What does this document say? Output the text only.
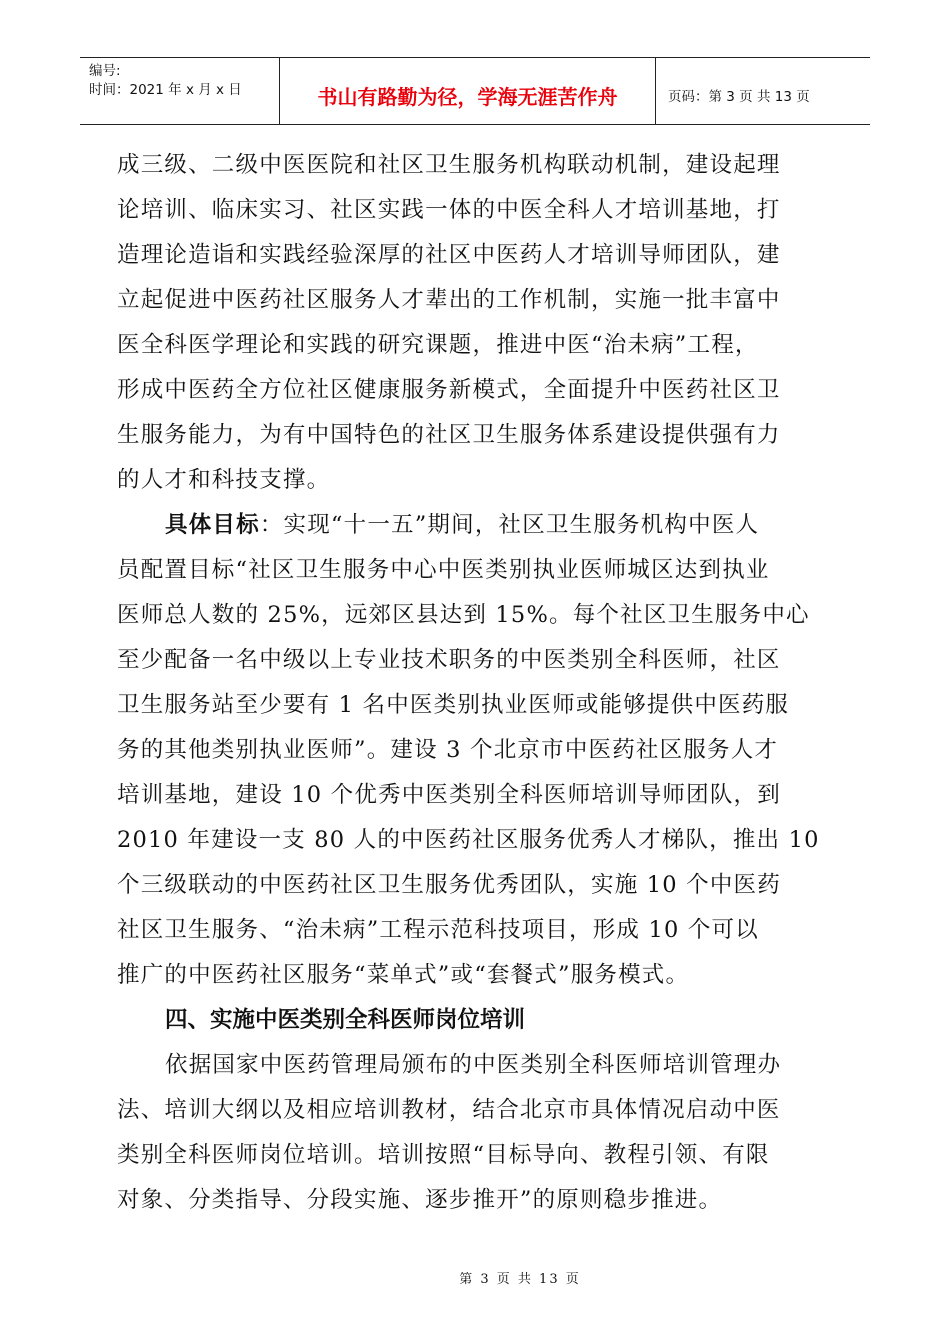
编号:
时间：2021 年 x 月 x 日	书山有路勤为径，学海无涯苦作舟	页码：第 3 页 共 13 页
成三级、二级中医医院和社区卫生服务机构联动机制，建设起理
论培训、临床实习、社区实践一体的中医全科人才培训基地，打
造理论造诣和实践经验深厚的社区中医药人才培训导师团队，建
立起促进中医药社区服务人才辈出的工作机制，实施一批丰富中
医全科医学理论和实践的研究课题，推进中医“治未病”工程，
形成中医药全方位社区健康服务新模式，全面提升中医药社区卫
生服务能力，为有中国特色的社区卫生服务体系建设提供强有力
的人才和科技支撑。
具体目标：实现“十一五”期间，社区卫生服务机构中医人
员配置目标“社区卫生服务中心中医类别执业医师城区达到执业
医师总人数的 25%，远郊区县达到 15%。每个社区卫生服务中心
至少配备一名中级以上专业技术职务的中医类别全科医师，社区
卫生服务站至少要有 1 名中医类别执业医师或能够提供中医药服
务的其他类别执业医师”。建设 3 个北京市中医药社区服务人才
培训基地，建设 10 个优秀中医类别全科医师培训导师团队，到
2010 年建设一支 80 人的中医药社区服务优秀人才梯队，推出 10
个三级联动的中医药社区卫生服务优秀团队，实施 10 个中医药
社区卫生服务、“治未病”工程示范科技项目，形成 10 个可以
推广的中医药社区服务“菜单式”或“套餐式”服务模式。
四、实施中医类别全科医师岗位培训
依据国家中医药管理局颁布的中医类别全科医师培训管理办
法、培训大纲以及相应培训教材，结合北京市具体情况启动中医
类别全科医师岗位培训。培训按照“目标导向、教程引领、有限
对象、分类指导、分段实施、逐步推开”的原则稳步推进。
第 3 页 共 13 页
